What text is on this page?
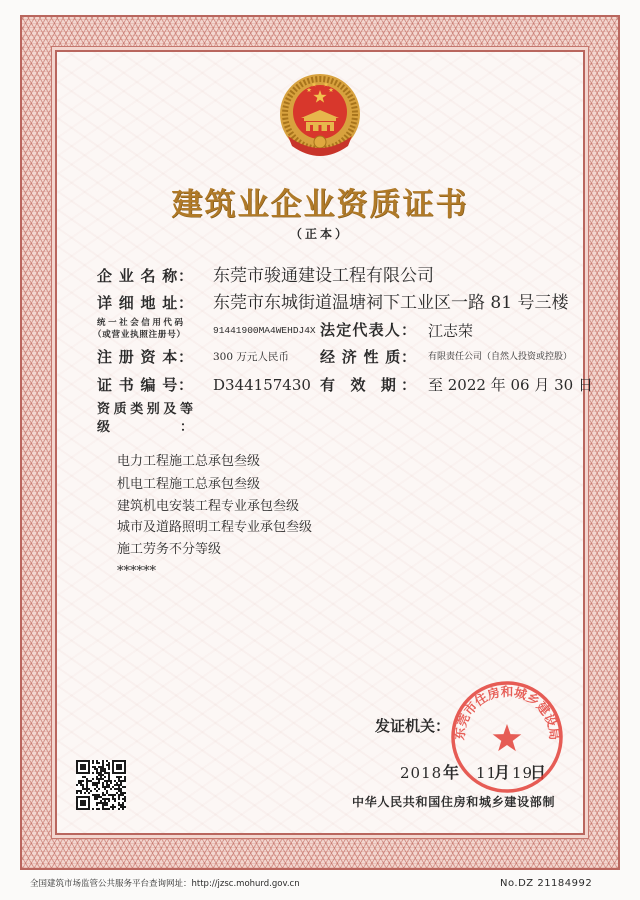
建筑业企业资质证书
（正本）
企 业 名 称： 东莞市骏通建设工程有限公司
详 细 地 址： 东莞市东城街道温塘祠下工业区一路 81 号三楼
统一社会信用代码
（或营业执照注册号）	91441900MA4WEHDJ4X 法定代表人： 江志荣
注 册 资 本： 300 万元人民币 经 济 性 质： 有限责任公司（自然人投资或控股）
证 书 编 号： D344157430 有 效 期： 至 2022 年 06 月 30 日
资质类别及等级：
电力工程施工总承包叁级
机电工程施工总承包叁级
建筑机电安装工程专业承包叁级
城市及道路照明工程专业承包叁级
施工劳务不分等级
******
发证机关：
2018 年 11
月 19
日
中华人民共和国住房和城乡建设部制
东莞市住房和城乡建设局
全国建筑市场监管公共服务平台查询网址：http://jzsc.mohurd.gov.cn	No.DZ 21184992
